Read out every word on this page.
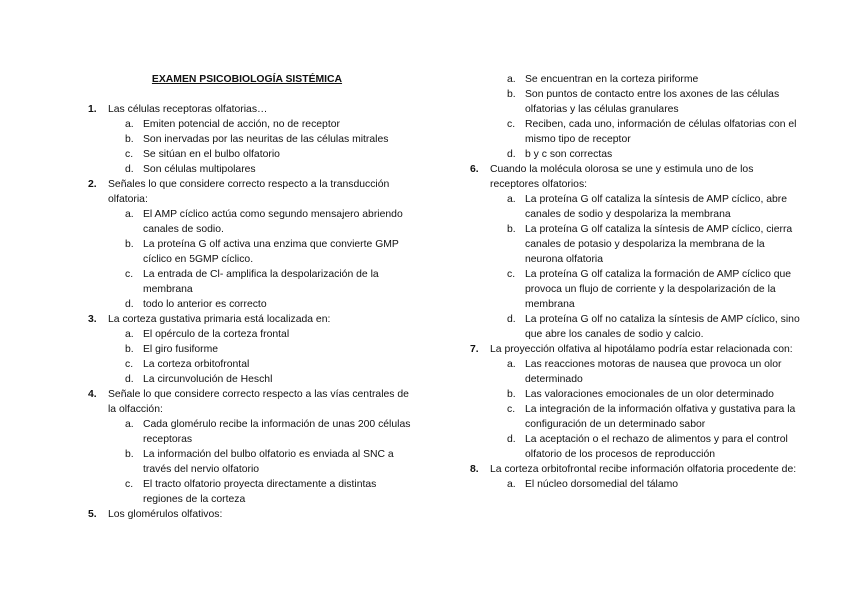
EXAMEN PSICOBIOLOGÍA SISTÉMICA
1. Las células receptoras olfatorias…
a. Emiten potencial de acción, no de receptor
b. Son inervadas por las neuritas de las células mitrales
c. Se sitúan en el bulbo olfatorio
d. Son células multipolares
2. Señales lo que considere correcto respecto a la transducción olfatoria:
a. El AMP cíclico actúa como segundo mensajero abriendo canales de sodio.
b. La proteína G olf activa una enzima que convierte GMP cíclico en 5GMP cíclico.
c. La entrada de Cl- amplifica la despolarización de la membrana
d. todo lo anterior es correcto
3. La corteza gustativa primaria está localizada en:
a. El opérculo de la corteza frontal
b. El giro fusiforme
c. La corteza orbitofrontal
d. La circunvolución de Heschl
4. Señale lo que considere correcto respecto a las vías centrales de la olfacción:
a. Cada glomérulo recibe la información de unas 200 células receptoras
b. La información del bulbo olfatorio es enviada al SNC a través del nervio olfatorio
c. El tracto olfatorio proyecta directamente a distintas regiones de la corteza
5. Los glomérulos olfativos:
a. Se encuentran en la corteza piriforme
b. Son puntos de contacto entre los axones de las células olfatorias y las células granulares
c. Reciben, cada uno, información de células olfatorias con el mismo tipo de receptor
d. b y c son correctas
6. Cuando la molécula olorosa se une y estimula uno de los receptores olfatorios:
a. La proteína G olf cataliza la síntesis de AMP cíclico, abre canales de sodio y despolariza la membrana
b. La proteína G olf cataliza la síntesis de AMP cíclico, cierra canales de potasio y despolariza la membrana de la neurona olfatoria
c. La proteína G olf cataliza la formación de AMP cíclico que provoca un flujo de corriente y la despolarización de la membrana
d. La proteína G olf no cataliza la síntesis de AMP cíclico, sino que abre los canales de sodio y calcio.
7. La proyección olfativa al hipotálamo podría estar relacionada con:
a. Las reacciones motoras de nausea que provoca un olor determinado
b. Las valoraciones emocionales de un olor determinado
c. La integración de la información olfativa y gustativa para la configuración de un determinado sabor
d. La aceptación o el rechazo de alimentos y para el control olfatorio de los procesos de reproducción
8. La corteza orbitofrontal recibe información olfatoria procedente de:
a. El núcleo dorsomedial del tálamo
